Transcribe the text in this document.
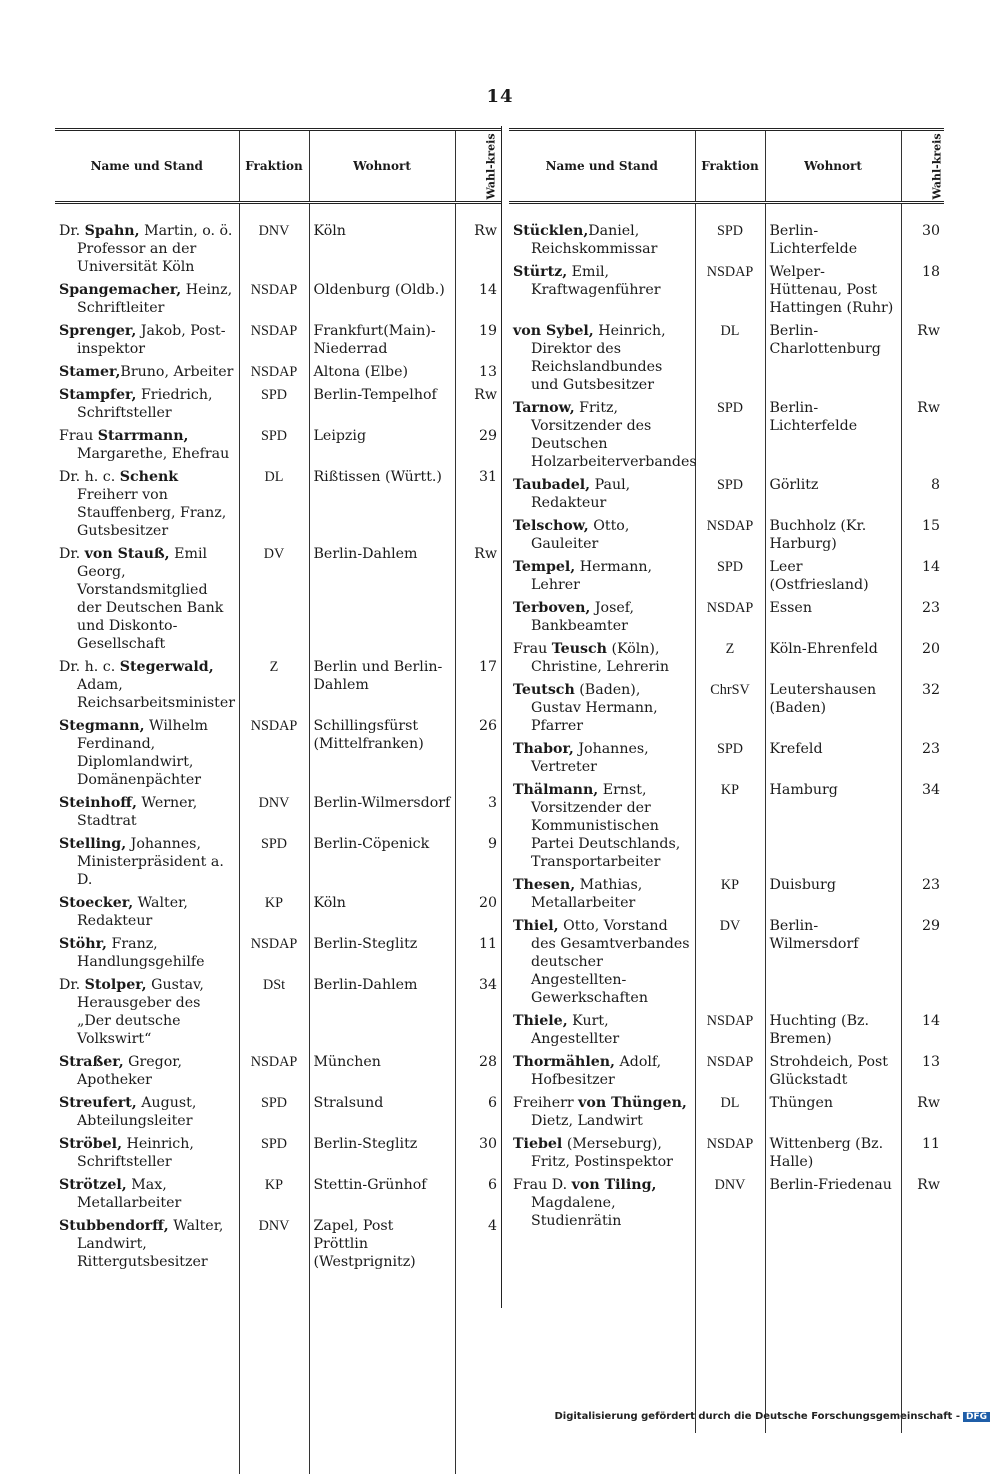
14
Name und Stand	Fraktion	Wohnort	Wahl-kreis

Dr. Spahn, Martin, o. ö. Professor an der Universität Köln	DNV	Köln	Rw

Spangemacher, Heinz, Schriftleiter	NSDAP	Oldenburg (Oldb.)	14

Sprenger, Jakob, Post-inspektor	NSDAP	Frankfurt(Main)-Niederrad	19

Stamer,Bruno, Arbeiter	NSDAP	Altona (Elbe)	13

Stampfer, Friedrich, Schriftsteller	SPD	Berlin-Tempelhof	Rw

Frau Starrmann, Margarethe, Ehefrau	SPD	Leipzig	29

Dr. h. c. Schenk Freiherr von Stauffenberg, Franz, Gutsbesitzer	DL	Rißtissen (Württ.)	31

Dr. von Stauß, Emil Georg, Vorstandsmitglied der Deutschen Bank und Diskonto-Gesellschaft	DV	Berlin-Dahlem	Rw

Dr. h. c. Stegerwald, Adam, Reichsarbeitsminister	Z	Berlin und Berlin-Dahlem	17

Stegmann, Wilhelm Ferdinand, Diplomlandwirt, Domänenpächter	NSDAP	Schillingsfürst (Mittelfranken)	26

Steinhoff, Werner, Stadtrat	DNV	Berlin-Wilmersdorf	3

Stelling, Johannes, Ministerpräsident a. D.	SPD	Berlin-Cöpenick	9

Stoecker, Walter, Redakteur	KP	Köln	20

Stöhr, Franz, Handlungsgehilfe	NSDAP	Berlin-Steglitz	11

Dr. Stolper, Gustav, Herausgeber des „Der deutsche Volkswirt“	DSt	Berlin-Dahlem	34

Straßer, Gregor, Apotheker	NSDAP	München	28

Streufert, August, Abteilungsleiter	SPD	Stralsund	6

Ströbel, Heinrich, Schriftsteller	SPD	Berlin-Steglitz	30

Strötzel, Max, Metallarbeiter	KP	Stettin-Grünhof	6

Stubbendorff, Walter, Landwirt, Rittergutsbesitzer	DNV	Zapel, Post Pröttlin (Westprignitz)	4

Name und Stand	Fraktion	Wohnort	Wahl-kreis

Stücklen,Daniel, Reichskommissar	SPD	Berlin-Lichterfelde	30

Stürtz, Emil, Kraftwagenführer	NSDAP	Welper-Hüttenau, Post Hattingen (Ruhr)	18

von Sybel, Heinrich, Direktor des Reichslandbundes und Gutsbesitzer	DL	Berlin-Charlottenburg	Rw

Tarnow, Fritz, Vorsitzender des Deutschen Holzarbeiterverbandes	SPD	Berlin-Lichterfelde	Rw

Taubadel, Paul, Redakteur	SPD	Görlitz	8

Telschow, Otto, Gauleiter	NSDAP	Buchholz (Kr. Harburg)	15

Tempel, Hermann, Lehrer	SPD	Leer (Ostfriesland)	14

Terboven, Josef, Bankbeamter	NSDAP	Essen	23

Frau Teusch (Köln), Christine, Lehrerin	Z	Köln-Ehrenfeld	20

Teutsch (Baden), Gustav Hermann, Pfarrer	ChrSV	Leutershausen (Baden)	32

Thabor, Johannes, Vertreter	SPD	Krefeld	23

Thälmann, Ernst, Vorsitzender der Kommunistischen Partei Deutschlands, Transportarbeiter	KP	Hamburg	34

Thesen, Mathias, Metallarbeiter	KP	Duisburg	23

Thiel, Otto, Vorstand des Gesamtverbandes deutscher Angestellten-Gewerkschaften	DV	Berlin-Wilmersdorf	29

Thiele, Kurt, Angestellter	NSDAP	Huchting (Bz. Bremen)	14

Thormählen, Adolf, Hofbesitzer	NSDAP	Strohdeich, Post Glückstadt	13

Freiherr von Thüngen, Dietz, Landwirt	DL	Thüngen	Rw

Tiebel (Merseburg), Fritz, Postinspektor	NSDAP	Wittenberg (Bz. Halle)	11

Frau D. von Tiling, Magdalene, Studienrätin	DNV	Berlin-Friedenau	Rw

Digitalisierung gefördert durch die Deutsche Forschungsgemeinschaft - DFG
